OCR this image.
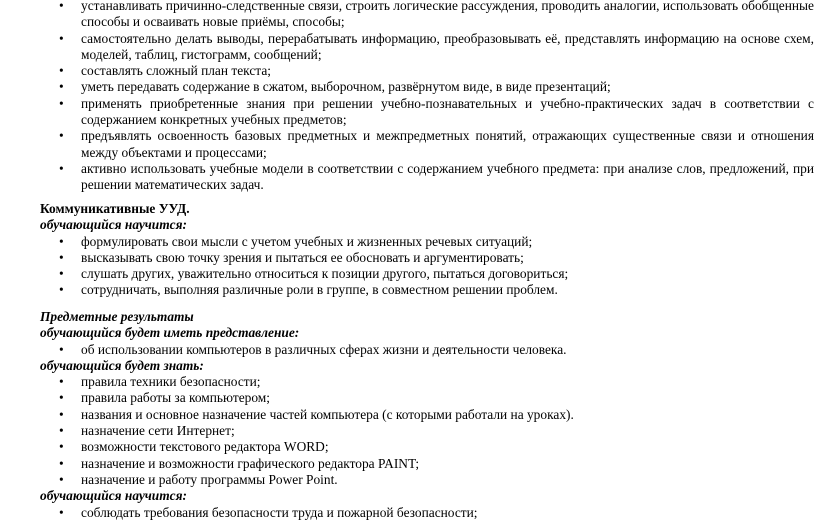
• устанавливать причинно-следственные связи, строить логические рассуждения, проводить аналогии, использовать обобщенные способы и осваивать новые приёмы, способы;
• самостоятельно делать выводы, перерабатывать информацию, преобразовывать её, представлять информацию на основе схем, моделей, таблиц, гистограмм, сообщений;
• составлять сложный план текста;
• уметь передавать содержание в сжатом, выборочном, развёрнутом виде, в виде презентаций;
• применять приобретенные знания при решении учебно-познавательных и учебно-практических задач в соответствии с содержанием конкретных учебных предметов;
• предъявлять освоенность базовых предметных и межпредметных понятий, отражающих существенные связи и отношения между объектами и процессами;
• активно использовать учебные модели в соответствии с содержанием учебного предмета: при анализе слов, предложений, при решении математических задач.
Коммуникативные УУД.
обучающийся научится:
• формулировать свои мысли с учетом учебных и жизненных речевых ситуаций;
• высказывать свою точку зрения и пытаться ее обосновать и аргументировать;
• слушать других, уважительно относиться к позиции другого, пытаться договориться;
• сотрудничать, выполняя различные роли в группе, в совместном решении проблем.
Предметные результаты
обучающийся будет иметь представление:
• об использовании компьютеров в различных сферах жизни и деятельности человека.
обучающийся будет знать:
• правила техники безопасности;
• правила работы за компьютером;
• названия и основное назначение частей компьютера (с которыми работали на уроках).
• назначение сети Интернет;
• возможности текстового редактора WORD;
• назначение и возможности графического редактора PAINT;
• назначение и работу программы Power Point.
обучающийся научится:
• соблюдать требования безопасности труда и пожарной безопасности;
